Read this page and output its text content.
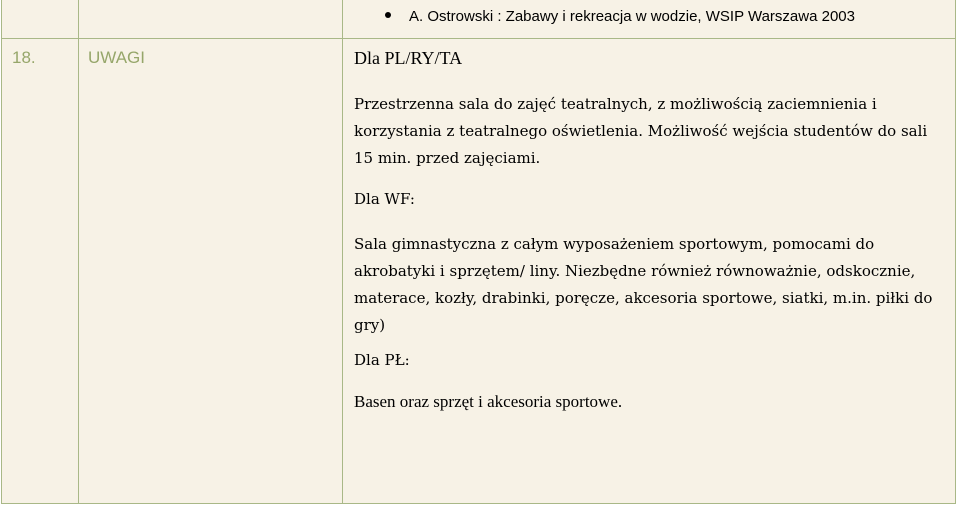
A. Ostrowski : Zabawy i rekreacja w wodzie, WSIP Warszawa 2003
18.	UWAGI	Dla PL/RY/TA

Przestrzenna sala do zajęć teatralnych, z możliwością zaciemnienia i korzystania z teatralnego oświetlenia. Możliwość wejścia studentów do sali 15 min. przed zajęciami.

Dla WF:

Sala gimnastyczna z całym wyposażeniem sportowym, pomocami do akrobatyki i sprzętem/ liny. Niezbędne również równoważnie, odskocznie, materace, kozły, drabinki, poręcze, akcesoria sportowe, siatki, m.in. piłki do gry)

Dla PŁ:

Basen oraz sprzęt i akcesoria sportowe.
